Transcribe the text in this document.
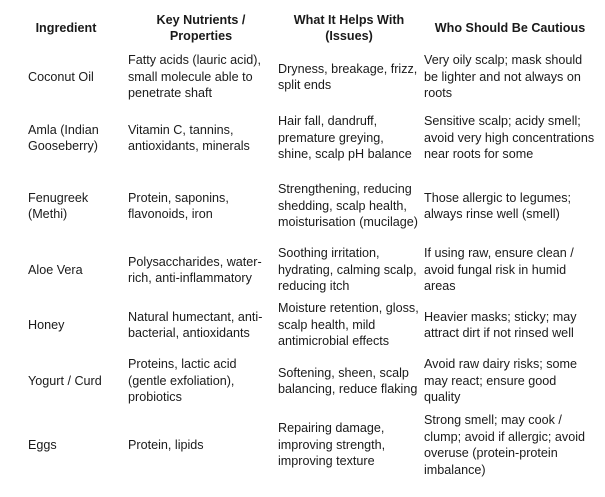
Ingredient	Key Nutrients / Properties	What It Helps With (Issues)	Who Should Be Cautious
Coconut Oil	Fatty acids (lauric acid), small molecule able to penetrate shaft	Dryness, breakage, frizz, split ends	Very oily scalp; mask should be lighter and not always on roots
Amla (Indian Gooseberry)	Vitamin C, tannins, antioxidants, minerals	Hair fall, dandruff, premature greying, shine, scalp pH balance	Sensitive scalp; acidy smell; avoid very high concentrations near roots for some
Fenugreek (Methi)	Protein, saponins, flavonoids, iron	Strengthening, reducing shedding, scalp health, moisturisation (mucilage)	Those allergic to legumes; always rinse well (smell)
Aloe Vera	Polysaccharides, water-rich, anti-inflammatory	Soothing irritation, hydrating, calming scalp, reducing itch	If using raw, ensure clean / avoid fungal risk in humid areas
Honey	Natural humectant, anti-bacterial, antioxidants	Moisture retention, gloss, scalp health, mild antimicrobial effects	Heavier masks; sticky; may attract dirt if not rinsed well
Yogurt / Curd	Proteins, lactic acid (gentle exfoliation), probiotics	Softening, sheen, scalp balancing, reduce flaking	Avoid raw dairy risks; some may react; ensure good quality
Eggs	Protein, lipids	Repairing damage, improving strength, improving texture	Strong smell; may cook / clump; avoid if allergic; avoid overuse (protein-protein imbalance)
